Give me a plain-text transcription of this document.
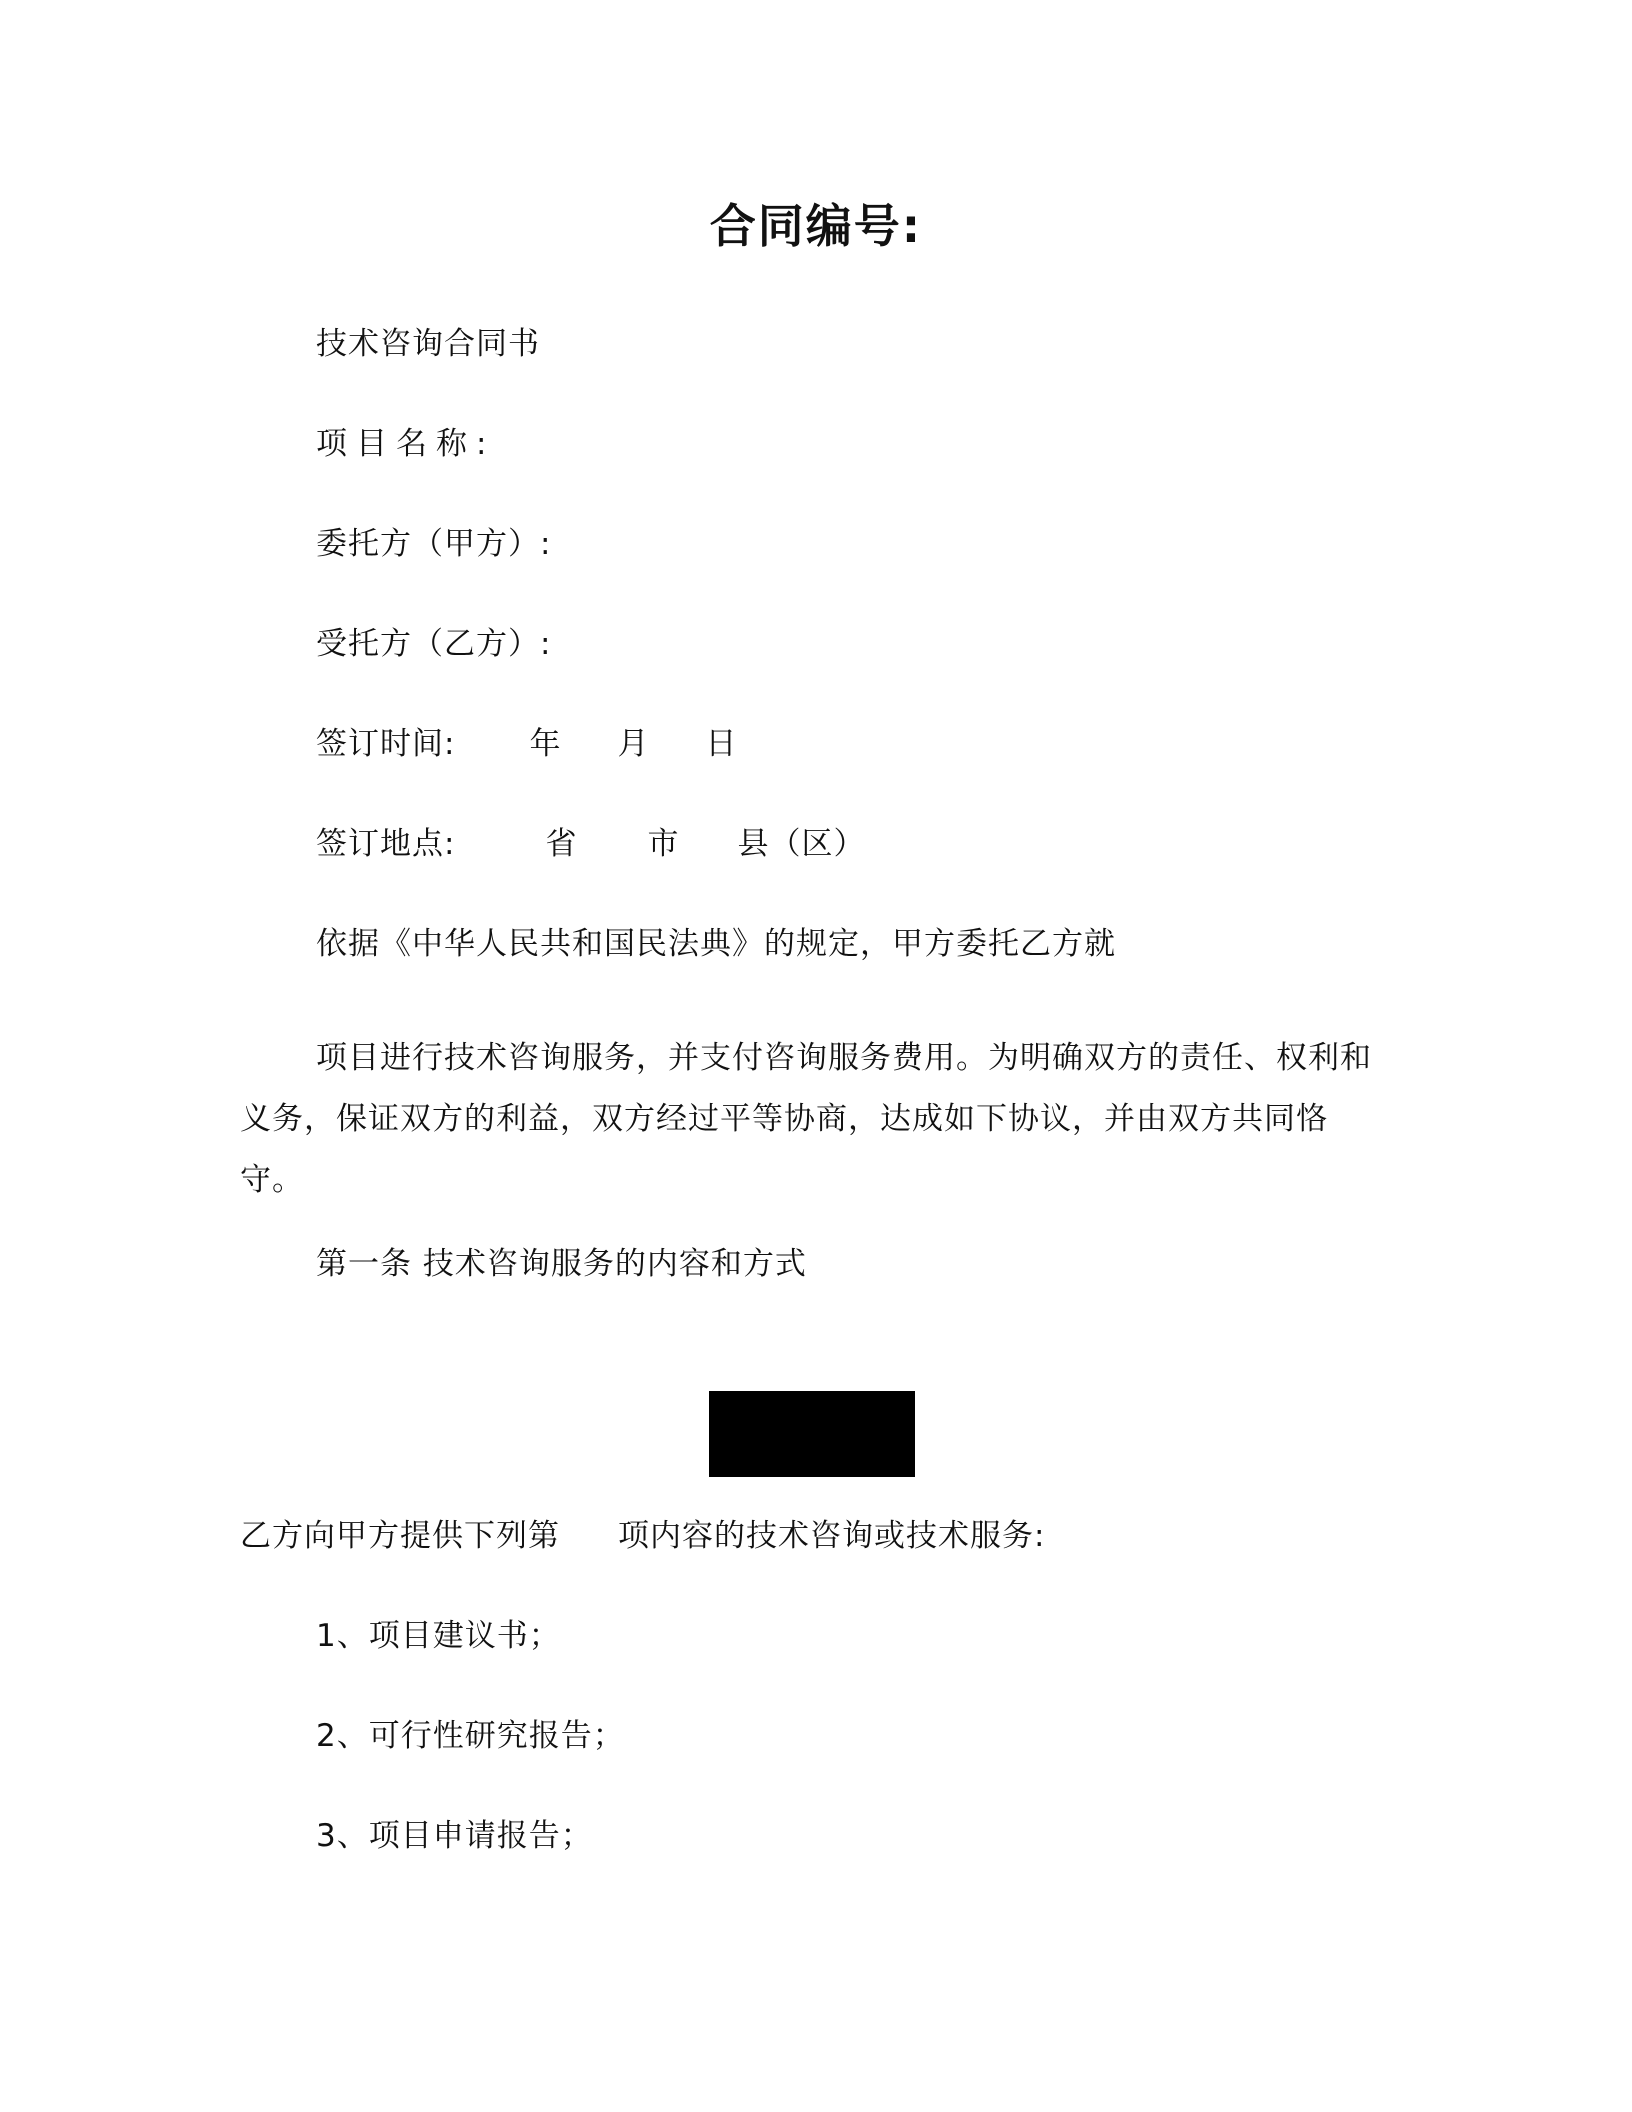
合同编号:
技术咨询合同书
项目名称:
委托方（甲方）:
受托方（乙方）:
签订时间: 年 月 日
签订地点:	省 市 县（区）
依据《中华人民共和国民法典》的规定，甲方委托乙方就
项目进行技术咨询服务，并支付咨询服务费用。为明确双方的责任、权利和义务，保证双方的利益，双方经过平等协商，达成如下协议，并由双方共同恪守。
第一条 技术咨询服务的内容和方式
乙方向甲方提供下列第 项内容的技术咨询或技术服务:
1、项目建议书；
2、可行性研究报告；
3、项目申请报告；
